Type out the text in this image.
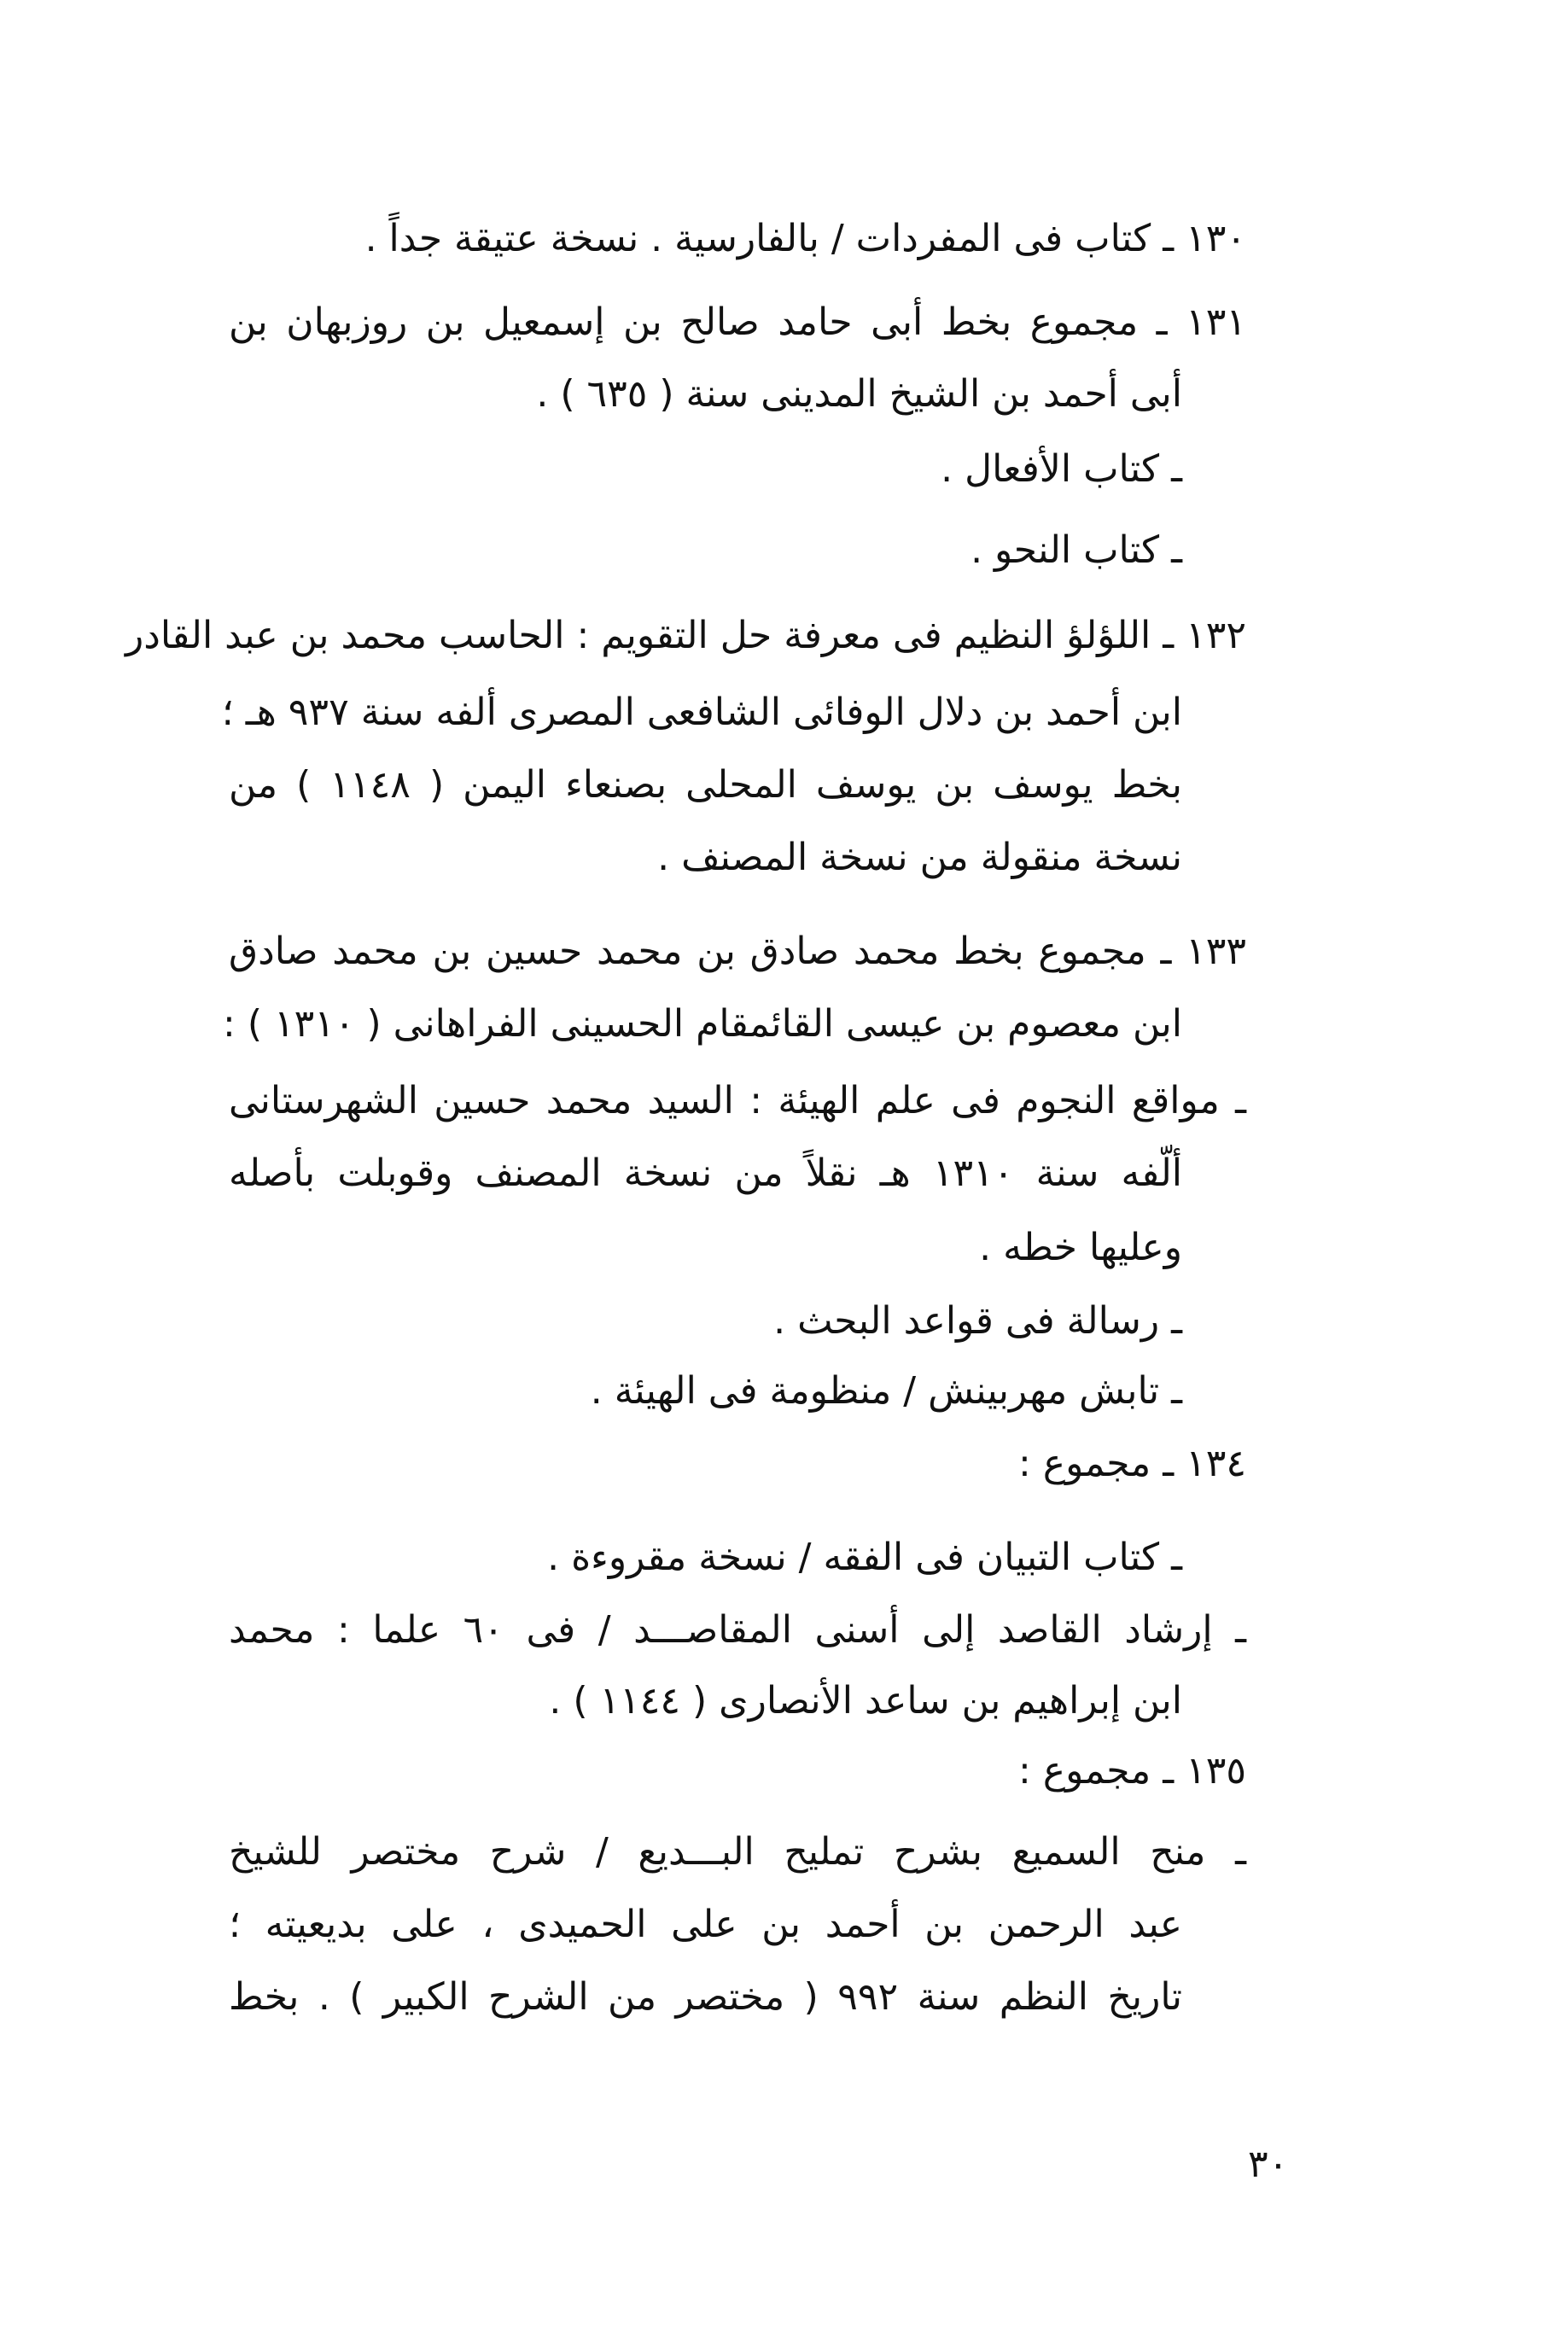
١٣٠ ـ كتاب فى المفردات / بالفارسية . نسخة عتيقة جداً .
١٣١ ـ مجموع بخط أبى حامد صالح بن إسمعيل بن روزبهان بن
أبى أحمد بن الشيخ المدينى سنة ( ٦٣٥ ) .
ـ كتاب الأفعال .
ـ كتاب النحو .
١٣٢ ـ اللؤلؤ النظيم فى معرفة حل التقويم : الحاسب محمد بن عبد القادر
ابن أحمد بن دلال الوفائى الشافعى المصرى ألفه سنة ٩٣٧ هـ ؛
بخط يوسف بن يوسف المحلى بصنعاء اليمن ( ١١٤٨ ) من
نسخة منقولة من نسخة المصنف .
١٣٣ ـ مجموع بخط محمد صادق بن محمد حسين بن محمد صادق
ابن معصوم بن عيسى القائمقام الحسينى الفراهانى ( ١٣١٠ ) :
ـ مواقع النجوم فى علم الهيئة : السيد محمد حسين الشهرستانى
ألّفه سنة ١٣١٠ هـ نقلاً من نسخة المصنف وقوبلت بأصله
وعليها خطه .
ـ رسالة فى قواعد البحث .
ـ تابش مهربينش / منظومة فى الهيئة .
١٣٤ ـ مجموع :
ـ كتاب التبيان فى الفقه / نسخة مقروءة .
ـ إرشاد القاصد إلى أسنى المقاصـــد / فى ٦٠ علما : محمد
ابن إبراهيم بن ساعد الأنصارى ( ١١٤٤ ) .
١٣٥ ـ مجموع :
ـ منح السميع بشرح تمليح البـــديع / شرح مختصر للشيخ
عبد الرحمن بن أحمد بن على الحميدى ، على بديعيته ؛
تاريخ النظم سنة ٩٩٢ ( مختصر من الشرح الكبير ) . بخط
٣٠
